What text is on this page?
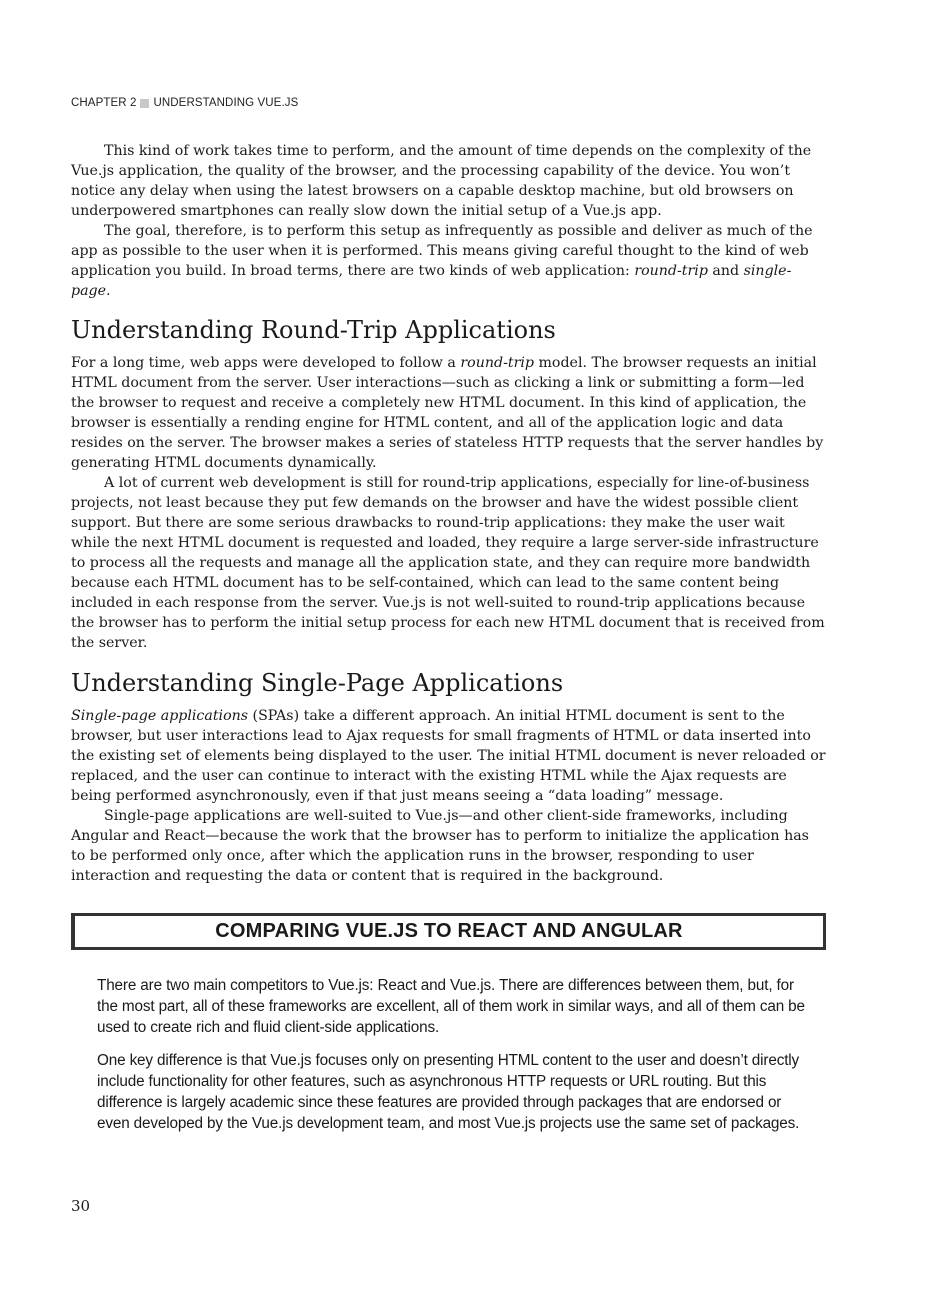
CHAPTER 2 UNDERSTANDING VUE.JS

This kind of work takes time to perform, and the amount of time depends on the complexity of the Vue.js application, the quality of the browser, and the processing capability of the device. You won’t notice any delay when using the latest browsers on a capable desktop machine, but old browsers on underpowered smartphones can really slow down the initial setup of a Vue.js app.

The goal, therefore, is to perform this setup as infrequently as possible and deliver as much of the app as possible to the user when it is performed. This means giving careful thought to the kind of web application you build. In broad terms, there are two kinds of web application: round-trip and single-page.

Understanding Round-Trip Applications

For a long time, web apps were developed to follow a round-trip model. The browser requests an initial HTML document from the server. User interactions—such as clicking a link or submitting a form—led the browser to request and receive a completely new HTML document. In this kind of application, the browser is essentially a rending engine for HTML content, and all of the application logic and data resides on the server. The browser makes a series of stateless HTTP requests that the server handles by generating HTML documents dynamically.

A lot of current web development is still for round-trip applications, especially for line-of-business projects, not least because they put few demands on the browser and have the widest possible client support. But there are some serious drawbacks to round-trip applications: they make the user wait while the next HTML document is requested and loaded, they require a large server-side infrastructure to process all the requests and manage all the application state, and they can require more bandwidth because each HTML document has to be self-contained, which can lead to the same content being included in each response from the server. Vue.js is not well-suited to round-trip applications because the browser has to perform the initial setup process for each new HTML document that is received from the server.

Understanding Single-Page Applications

Single-page applications (SPAs) take a different approach. An initial HTML document is sent to the browser, but user interactions lead to Ajax requests for small fragments of HTML or data inserted into the existing set of elements being displayed to the user. The initial HTML document is never reloaded or replaced, and the user can continue to interact with the existing HTML while the Ajax requests are being performed asynchronously, even if that just means seeing a “data loading” message.

Single-page applications are well-suited to Vue.js—and other client-side frameworks, including Angular and React—because the work that the browser has to perform to initialize the application has to be performed only once, after which the application runs in the browser, responding to user interaction and requesting the data or content that is required in the background.

COMPARING VUE.JS TO REACT AND ANGULAR

There are two main competitors to Vue.js: React and Vue.js. There are differences between them, but, for the most part, all of these frameworks are excellent, all of them work in similar ways, and all of them can be used to create rich and fluid client-side applications.

One key difference is that Vue.js focuses only on presenting HTML content to the user and doesn’t directly include functionality for other features, such as asynchronous HTTP requests or URL routing. But this difference is largely academic since these features are provided through packages that are endorsed or even developed by the Vue.js development team, and most Vue.js projects use the same set of packages.

30
